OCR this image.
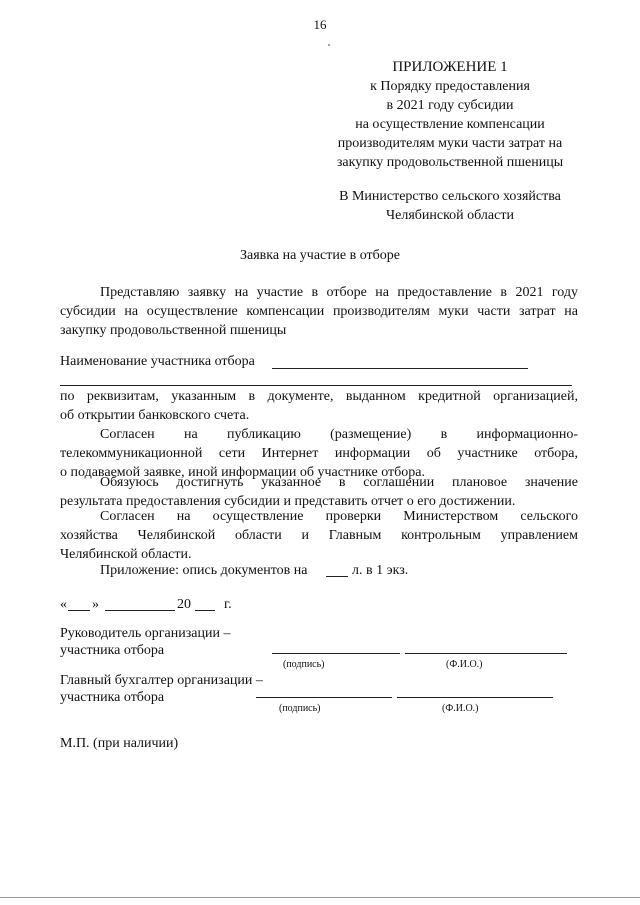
16
ПРИЛОЖЕНИЕ 1
к Порядку предоставления
в 2021 году субсидии
на осуществление компенсации
производителям муки части затрат на
закупку продовольственной пшеницы
В Министерство сельского хозяйства
Челябинской области
Заявка на участие в отборе
Представляю заявку на участие в отборе на предоставление в 2021 году
субсидии на осуществление компенсации производителям муки части затрат на
закупку продовольственной пшеницы
Наименование участника отбора
по реквизитам, указанным в документе, выданном кредитной организацией,
об открытии банковского счета.
Согласен на публикацию (размещение) в информационно-
телекоммуникационной сети Интернет информации об участнике отбора,
о подаваемой заявке, иной информации об участнике отбора.
Обязуюсь достигнуть указанное в соглашении плановое значение
результата предоставления субсидии и представить отчет о его достижении.
Согласен на осуществление проверки Министерством сельского
хозяйства Челябинской области и Главным контрольным управлением
Челябинской области.
Приложение: опись документов на	л. в 1 экз.
« »	20 г.
Руководитель организации –
участника отбора
(подпись)	(Ф.И.О.)
Главный бухгалтер организации –
участника отбора
(подпись)	(Ф.И.О.)
М.П. (при наличии)
